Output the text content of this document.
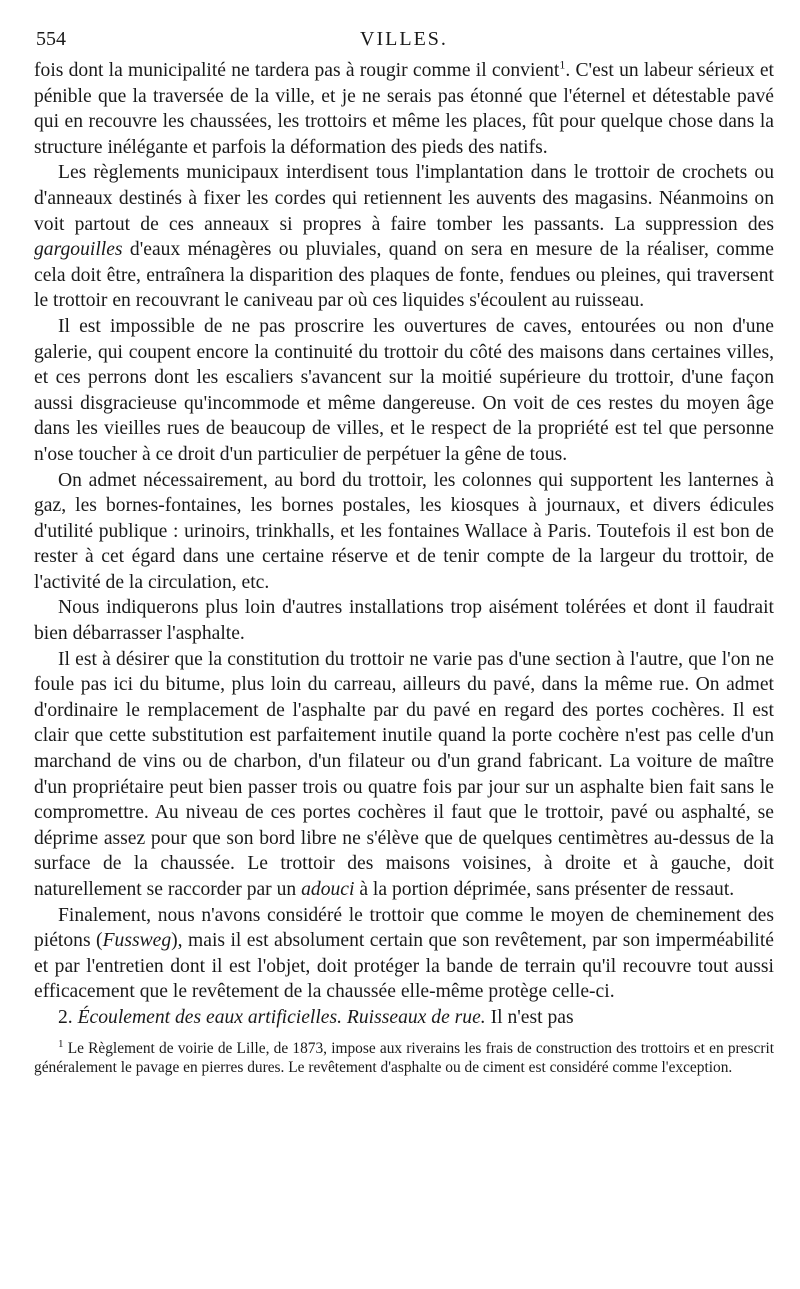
554	VILLES.

fois dont la municipalité ne tardera pas à rougir comme il convient$^1$. C'est un labeur sérieux et pénible que la traversée de la ville, et je ne serais pas étonné que l'éternel et détestable pavé qui en recouvre les chaussées, les trottoirs et même les places, fût pour quelque chose dans la structure inélégante et parfois la déformation des pieds des natifs.

Les règlements municipaux interdisent tous l'implantation dans le trottoir de crochets ou d'anneaux destinés à fixer les cordes qui retiennent les auvents des magasins. Néanmoins on voit partout de ces anneaux si propres à faire tomber les passants. La suppression des gargouilles d'eaux ménagères ou pluviales, quand on sera en mesure de la réaliser, comme cela doit être, entraînera la disparition des plaques de fonte, fendues ou pleines, qui traversent le trottoir en recouvrant le caniveau par où ces liquides s'écoulent au ruisseau.

Il est impossible de ne pas proscrire les ouvertures de caves, entourées ou non d'une galerie, qui coupent encore la continuité du trottoir du côté des maisons dans certaines villes, et ces perrons dont les escaliers s'avancent sur la moitié supérieure du trottoir, d'une façon aussi disgracieuse qu'incommode et même dangereuse. On voit de ces restes du moyen âge dans les vieilles rues de beaucoup de villes, et le respect de la propriété est tel que personne n'ose toucher à ce droit d'un particulier de perpétuer la gêne de tous.

On admet nécessairement, au bord du trottoir, les colonnes qui supportent les lanternes à gaz, les bornes-fontaines, les bornes postales, les kiosques à journaux, et divers édicules d'utilité publique : urinoirs, trinkhalls, et les fontaines Wallace à Paris. Toutefois il est bon de rester à cet égard dans une certaine réserve et de tenir compte de la largeur du trottoir, de l'activité de la circulation, etc.

Nous indiquerons plus loin d'autres installations trop aisément tolérées et dont il faudrait bien débarrasser l'asphalte.

Il est à désirer que la constitution du trottoir ne varie pas d'une section à l'autre, que l'on ne foule pas ici du bitume, plus loin du carreau, ailleurs du pavé, dans la même rue. On admet d'ordinaire le remplacement de l'asphalte par du pavé en regard des portes cochères. Il est clair que cette substitution est parfaitement inutile quand la porte cochère n'est pas celle d'un marchand de vins ou de charbon, d'un filateur ou d'un grand fabricant. La voiture de maître d'un propriétaire peut bien passer trois ou quatre fois par jour sur un asphalte bien fait sans le compromettre. Au niveau de ces portes cochères il faut que le trottoir, pavé ou asphalté, se déprime assez pour que son bord libre ne s'élève que de quelques centimètres au-dessus de la surface de la chaussée. Le trottoir des maisons voisines, à droite et à gauche, doit naturellement se raccorder par un adouci à la portion déprimée, sans présenter de ressaut.

Finalement, nous n'avons considéré le trottoir que comme le moyen de cheminement des piétons (Fussweg), mais il est absolument certain que son revêtement, par son imperméabilité et par l'entretien dont il est l'objet, doit protéger la bande de terrain qu'il recouvre tout aussi efficacement que le revêtement de la chaussée elle-même protège celle-ci.

2. Écoulement des eaux artificielles. Ruisseaux de rue. Il n'est pas

$^1$ Le Règlement de voirie de Lille, de 1873, impose aux riverains les frais de construction des trottoirs et en prescrit généralement le pavage en pierres dures. Le revêtement d'asphalte ou de ciment est considéré comme l'exception.
